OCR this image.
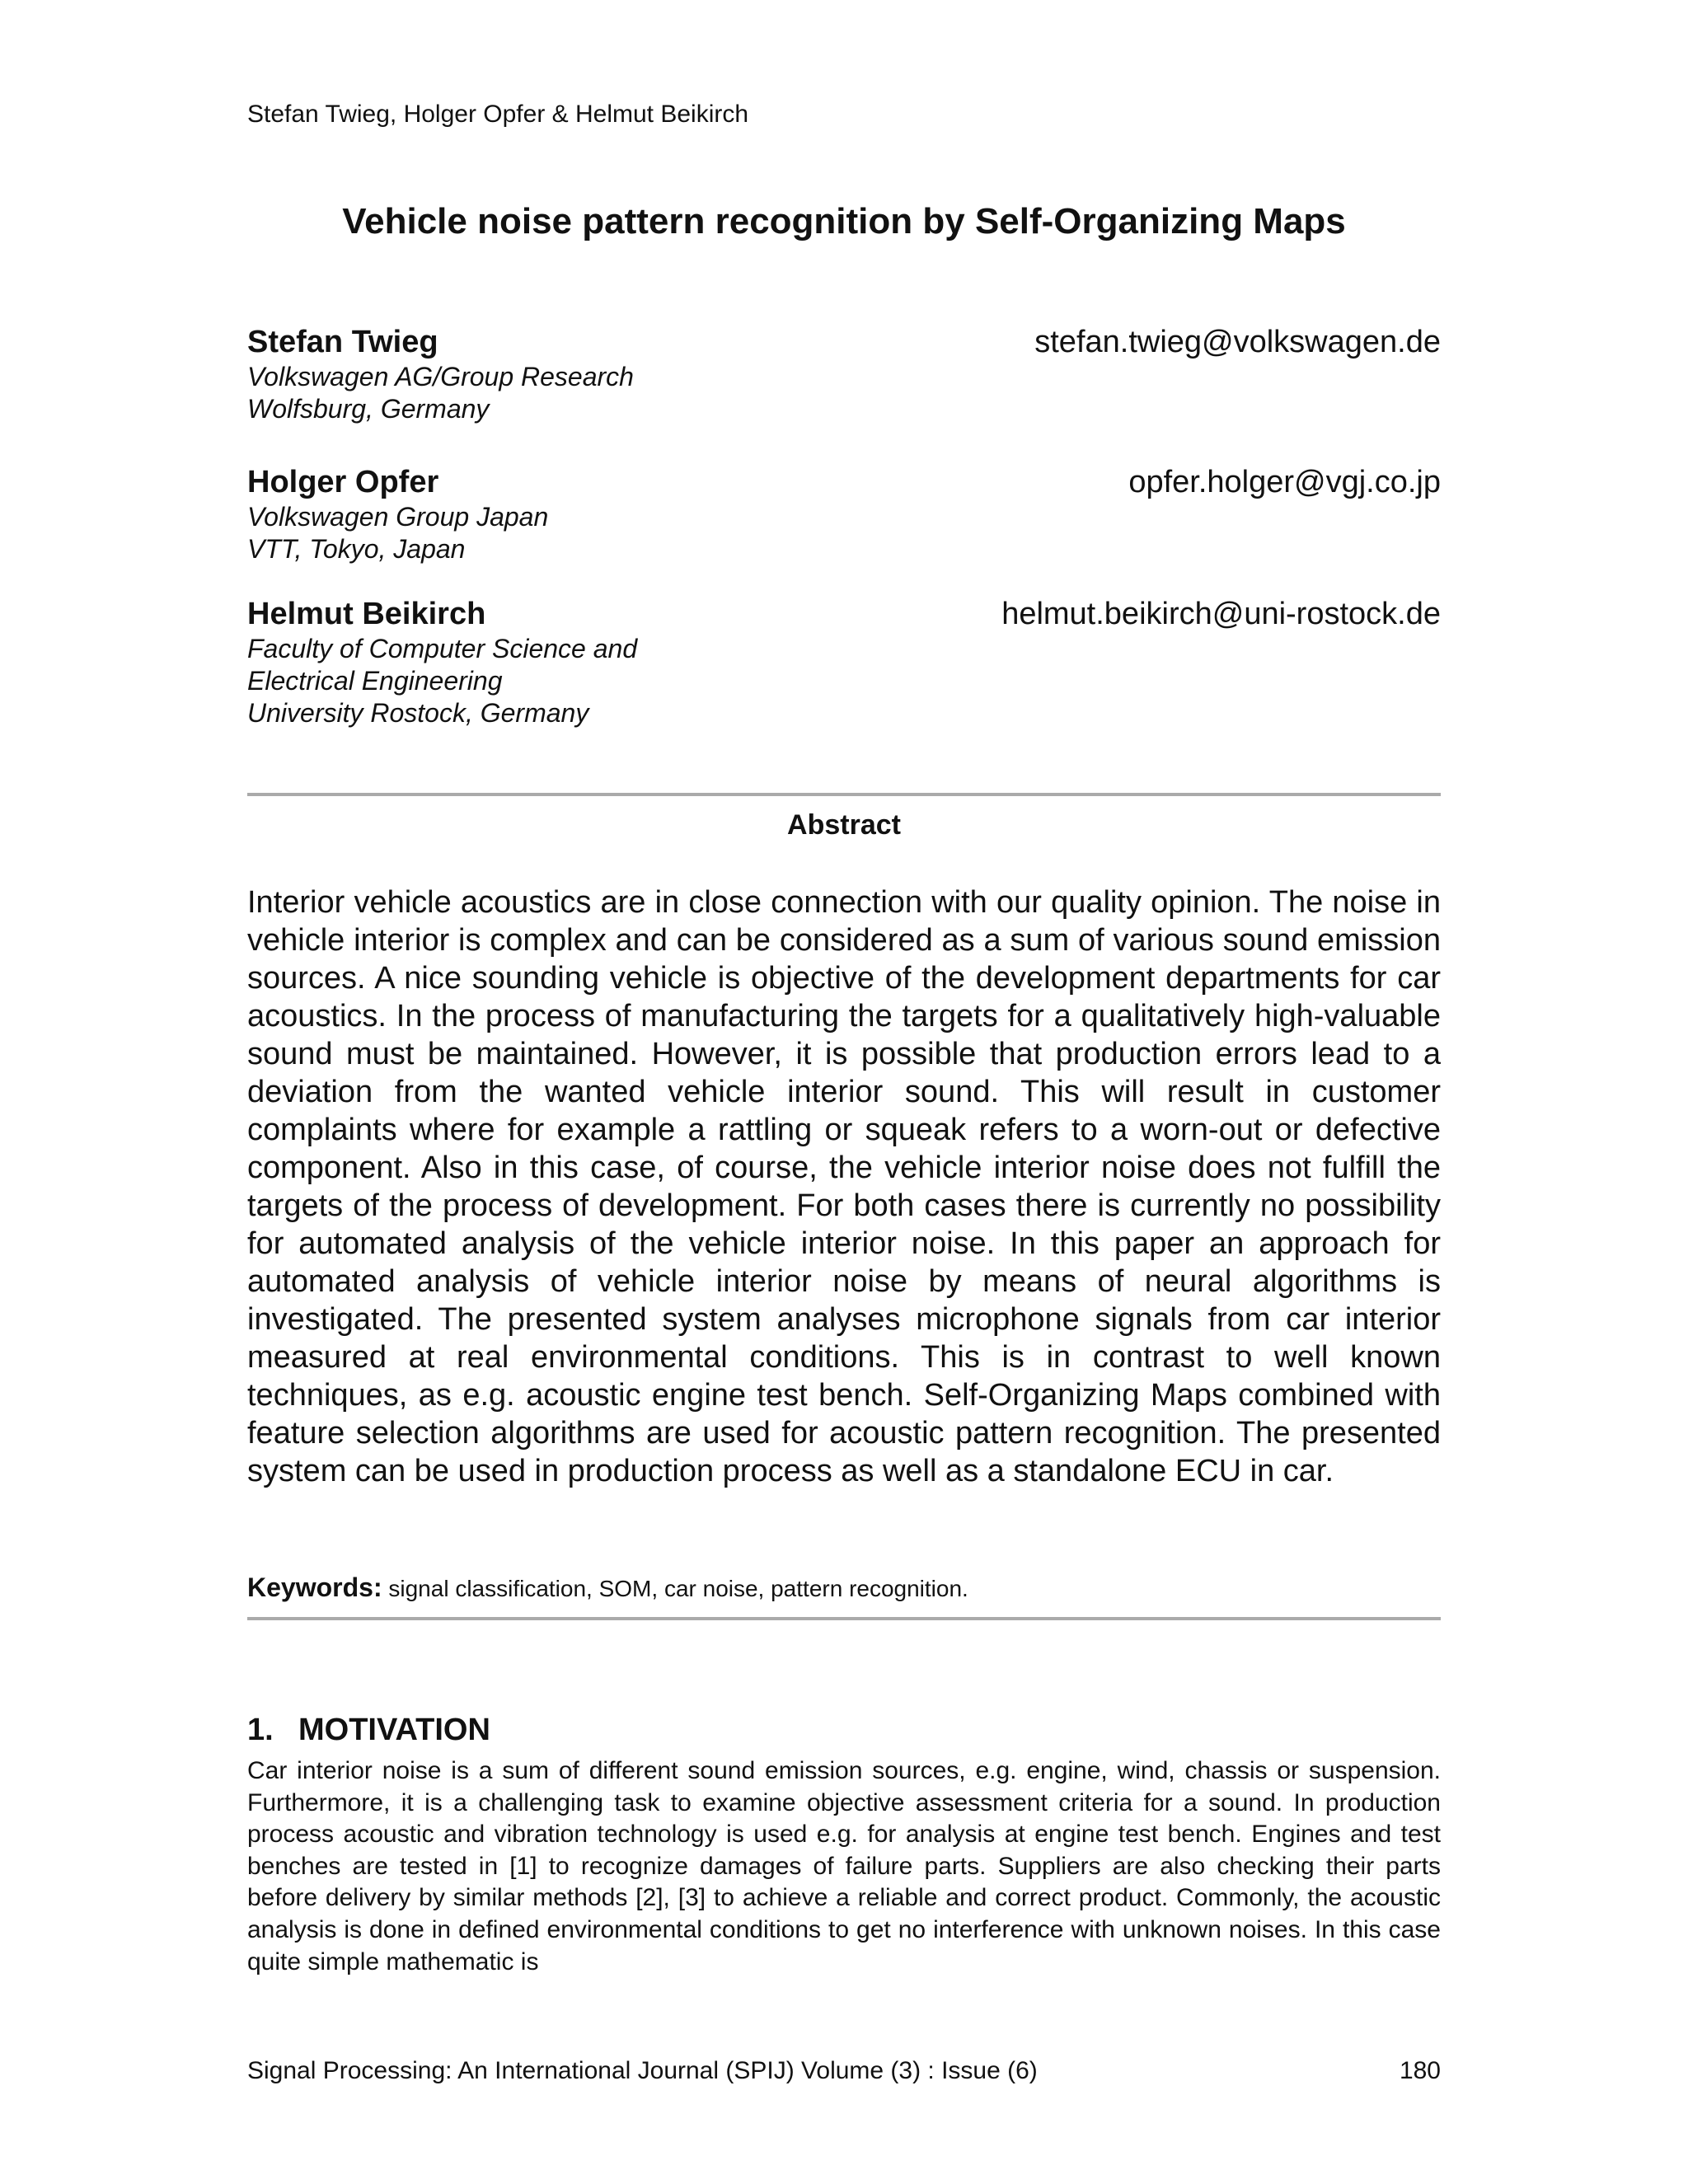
Stefan Twieg, Holger Opfer & Helmut Beikirch
Vehicle noise pattern recognition by Self-Organizing Maps
Stefan Twieg	stefan.twieg@volkswagen.de
Volkswagen AG/Group Research
Wolfsburg, Germany
Holger Opfer	opfer.holger@vgj.co.jp
Volkswagen Group Japan
VTT, Tokyo, Japan
Helmut Beikirch	helmut.beikirch@uni-rostock.de
Faculty of Computer Science and
Electrical Engineering
University Rostock, Germany
Abstract

Interior vehicle acoustics are in close connection with our quality opinion. The noise in vehicle interior is complex and can be considered as a sum of various sound emission sources. A nice sounding vehicle is objective of the development departments for car acoustics. In the process of manufacturing the targets for a qualitatively high-valuable sound must be maintained. However, it is possible that production errors lead to a deviation from the wanted vehicle interior sound. This will result in customer complaints where for example a rattling or squeak refers to a worn-out or defective component. Also in this case, of course, the vehicle interior noise does not fulfill the targets of the process of development. For both cases there is currently no possibility for automated analysis of the vehicle interior noise. In this paper an approach for automated analysis of vehicle interior noise by means of neural algorithms is investigated. The presented system analyses microphone signals from car interior measured at real environmental conditions. This is in contrast to well known techniques, as e.g. acoustic engine test bench. Self-Organizing Maps combined with feature selection algorithms are used for acoustic pattern recognition. The presented system can be used in production process as well as a standalone ECU in car.

Keywords: signal classification, SOM, car noise, pattern recognition.
1. MOTIVATION

Car interior noise is a sum of different sound emission sources, e.g. engine, wind, chassis or suspension. Furthermore, it is a challenging task to examine objective assessment criteria for a sound. In production process acoustic and vibration technology is used e.g. for analysis at engine test bench. Engines and test benches are tested in [1] to recognize damages of failure parts. Suppliers are also checking their parts before delivery by similar methods [2], [3] to achieve a reliable and correct product. Commonly, the acoustic analysis is done in defined environmental conditions to get no interference with unknown noises. In this case quite simple mathematic is

Signal Processing: An International Journal (SPIJ) Volume (3) : Issue (6)	180
